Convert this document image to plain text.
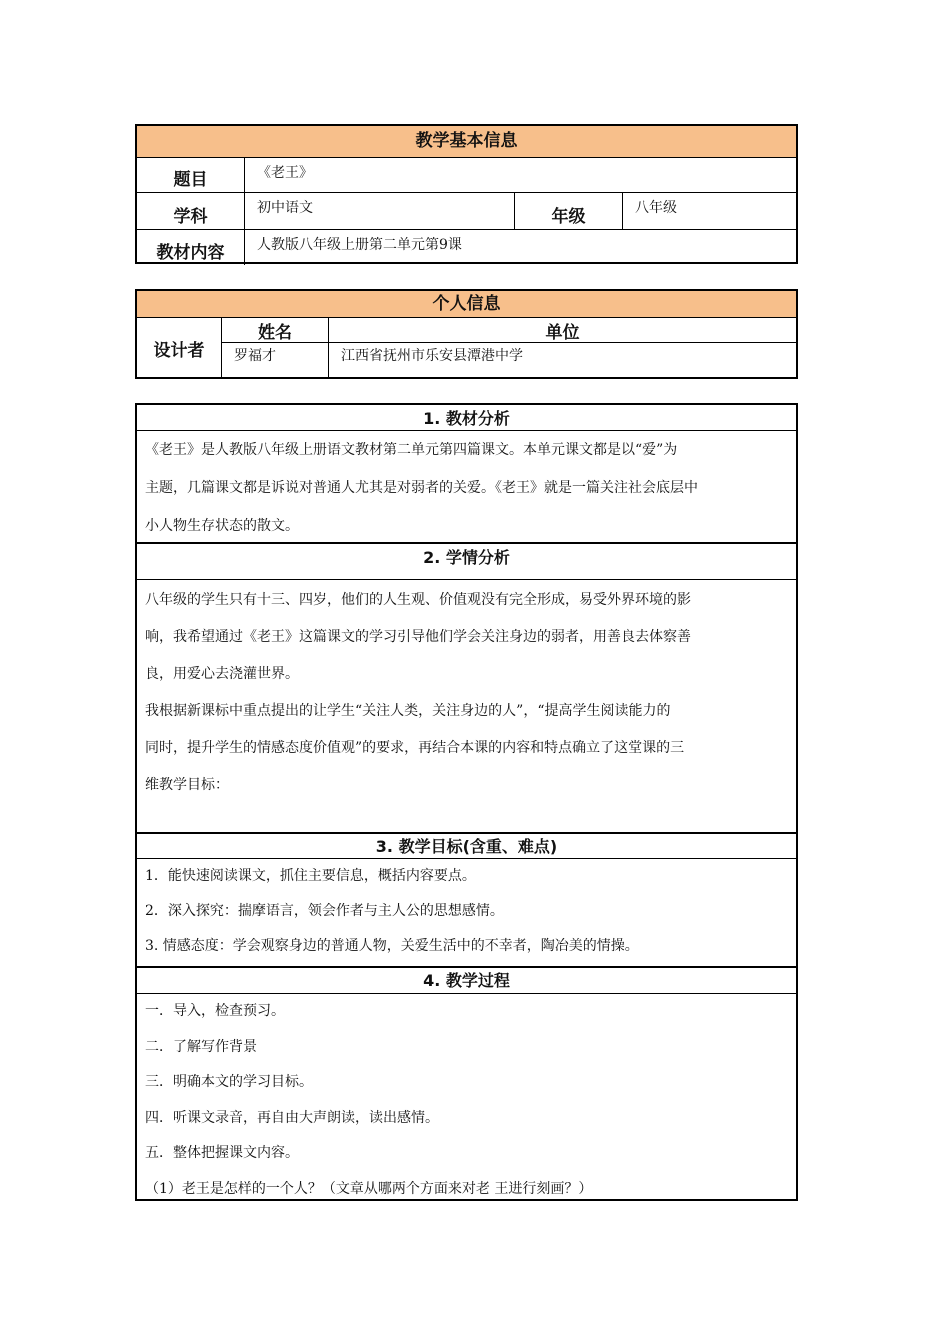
教学基本信息
题目	《老王》
学科	初中语文	年级	八年级
教材内容	人教版八年级上册第二单元第9课
个人信息
设计者
姓名	单位
罗福才	江西省抚州市乐安县潭港中学
1. 教材分析
《老王》是人教版八年级上册语文教材第二单元第四篇课文。本单元课文都是以“爱”为
主题，几篇课文都是诉说对普通人尤其是对弱者的关爱。《老王》就是一篇关注社会底层中
小人物生存状态的散文。
2. 学情分析
八年级的学生只有十三、四岁，他们的人生观、价值观没有完全形成，易受外界环境的影
响，我希望通过《老王》这篇课文的学习引导他们学会关注身边的弱者，用善良去体察善
良，用爱心去浇灌世界。
我根据新课标中重点提出的让学生“关注人类，关注身边的人”，“提高学生阅读能力的
同时，提升学生的情感态度价值观”的要求，再结合本课的内容和特点确立了这堂课的三
维教学目标：
3. 教学目标(含重、难点)
1．能快速阅读课文，抓住主要信息，概括内容要点。
2．深入探究：揣摩语言，领会作者与主人公的思想感情。
3. 情感态度：学会观察身边的普通人物，关爱生活中的不幸者，陶冶美的情操。
4. 教学过程
一．导入，检查预习。
二．了解写作背景
三．明确本文的学习目标。
四．听课文录音，再自由大声朗读，读出感情。
五．整体把握课文内容。
（1）老王是怎样的一个人？（文章从哪两个方面来对老 王进行刻画？）
